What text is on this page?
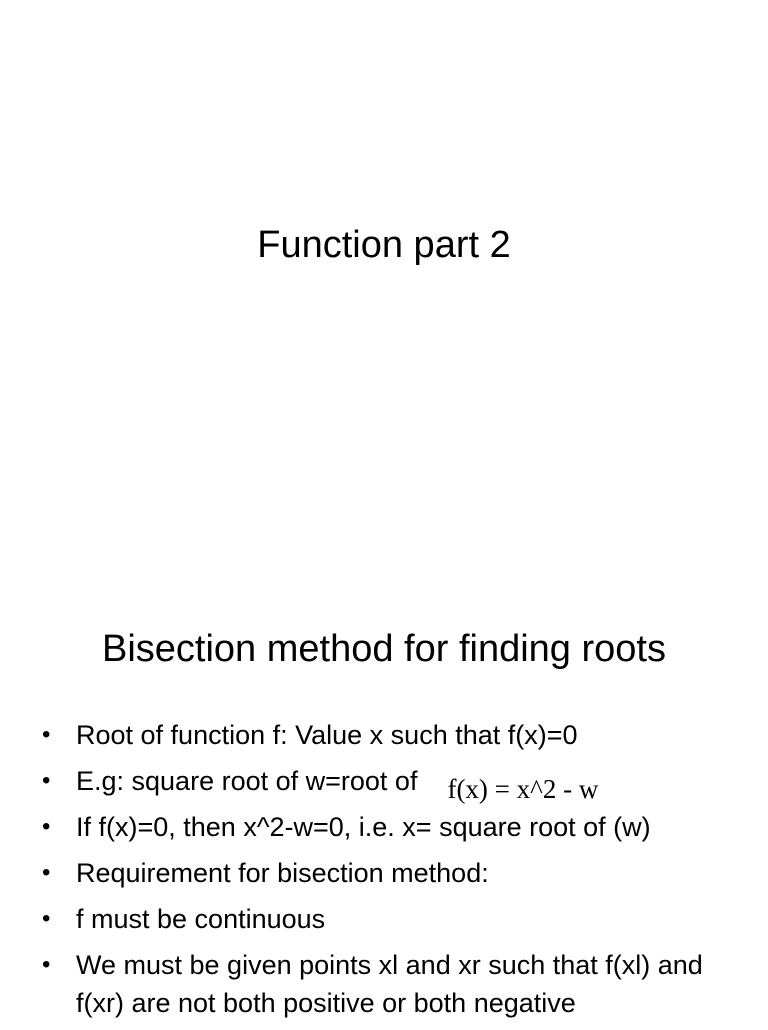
Function part 2
Bisection method for finding roots
• Root of function f: Value x such that f(x)=0
• E.g: square root of w=root of f(x) = x^2 - w
• If f(x)=0, then x^2-w=0, i.e. x= square root of (w)
• Requirement for bisection method:
• f must be continuous
• We must be given points xl and xr such that f(xl) and f(xr) are not both positive or both negative
